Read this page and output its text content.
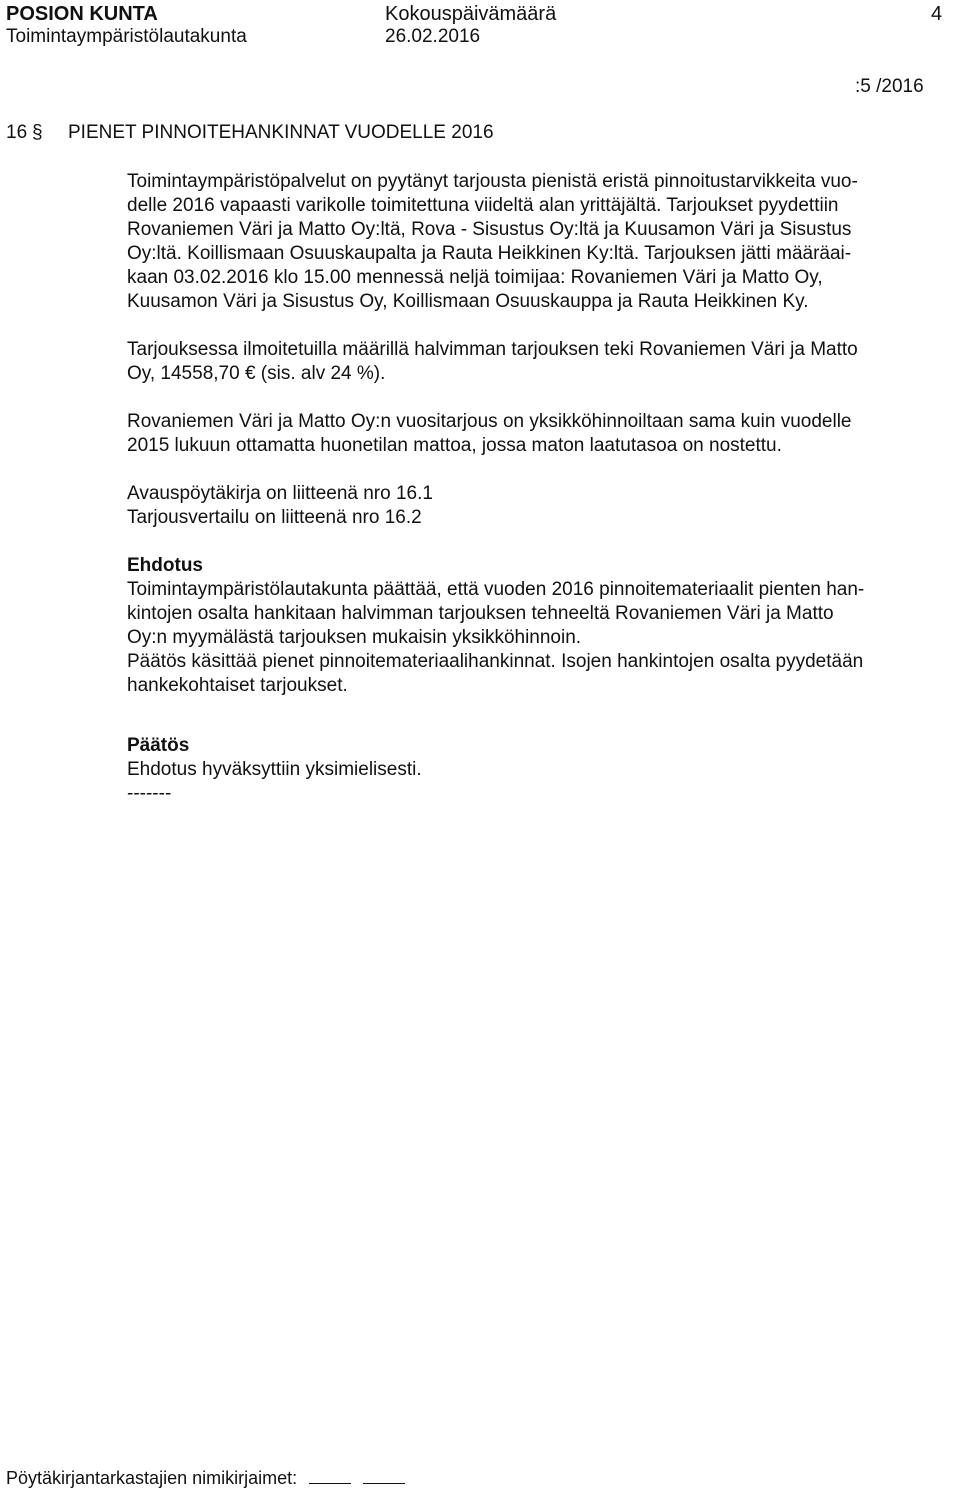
POSION KUNTA
Toimintaympäristölautakunta
Kokouspäivämäärä
26.02.2016
4
:5 /2016
16 § PIENET PINNOITEHANKINNAT VUODELLE 2016
Toimintaympäristöpalvelut on pyytänyt tarjousta pienistä eristä pinnoitustarvikkeita vuo-
delle 2016 vapaasti varikolle toimitettuna viideltä alan yrittäjältä. Tarjoukset pyydettiin
Rovaniemen Väri ja Matto Oy:ltä, Rova - Sisustus Oy:ltä ja Kuusamon Väri ja Sisustus
Oy:ltä. Koillismaan Osuuskaupalta ja Rauta Heikkinen Ky:ltä. Tarjouksen jätti määräai-
kaan 03.02.2016 klo 15.00 mennessä neljä toimijaa: Rovaniemen Väri ja Matto Oy,
Kuusamon Väri ja Sisustus Oy, Koillismaan Osuuskauppa ja Rauta Heikkinen Ky.
Tarjouksessa ilmoitetuilla määrillä halvimman tarjouksen teki Rovaniemen Väri ja Matto
Oy, 14558,70 € (sis. alv 24 %).
Rovaniemen Väri ja Matto Oy:n vuositarjous on yksikköhinnoiltaan sama kuin vuodelle
2015 lukuun ottamatta huonetilan mattoa, jossa maton laatutasoa on nostettu.
Avauspöytäkirja on liitteenä nro 16.1
Tarjousvertailu on liitteenä nro 16.2
Ehdotus
Toimintaympäristölautakunta päättää, että vuoden 2016 pinnoitemateriaalit pienten han-
kintojen osalta hankitaan halvimman tarjouksen tehneeltä Rovaniemen Väri ja Matto
Oy:n myymälästä tarjouksen mukaisin yksikköhinnoin.
Päätös käsittää pienet pinnoitemateriaalihankinnat. Isojen hankintojen osalta pyydetään
hankekohtaiset tarjoukset.
Päätös
Ehdotus hyväksyttiin yksimielisesti.
-------
Pöytäkirjantarkastajien nimikirjaimet:
